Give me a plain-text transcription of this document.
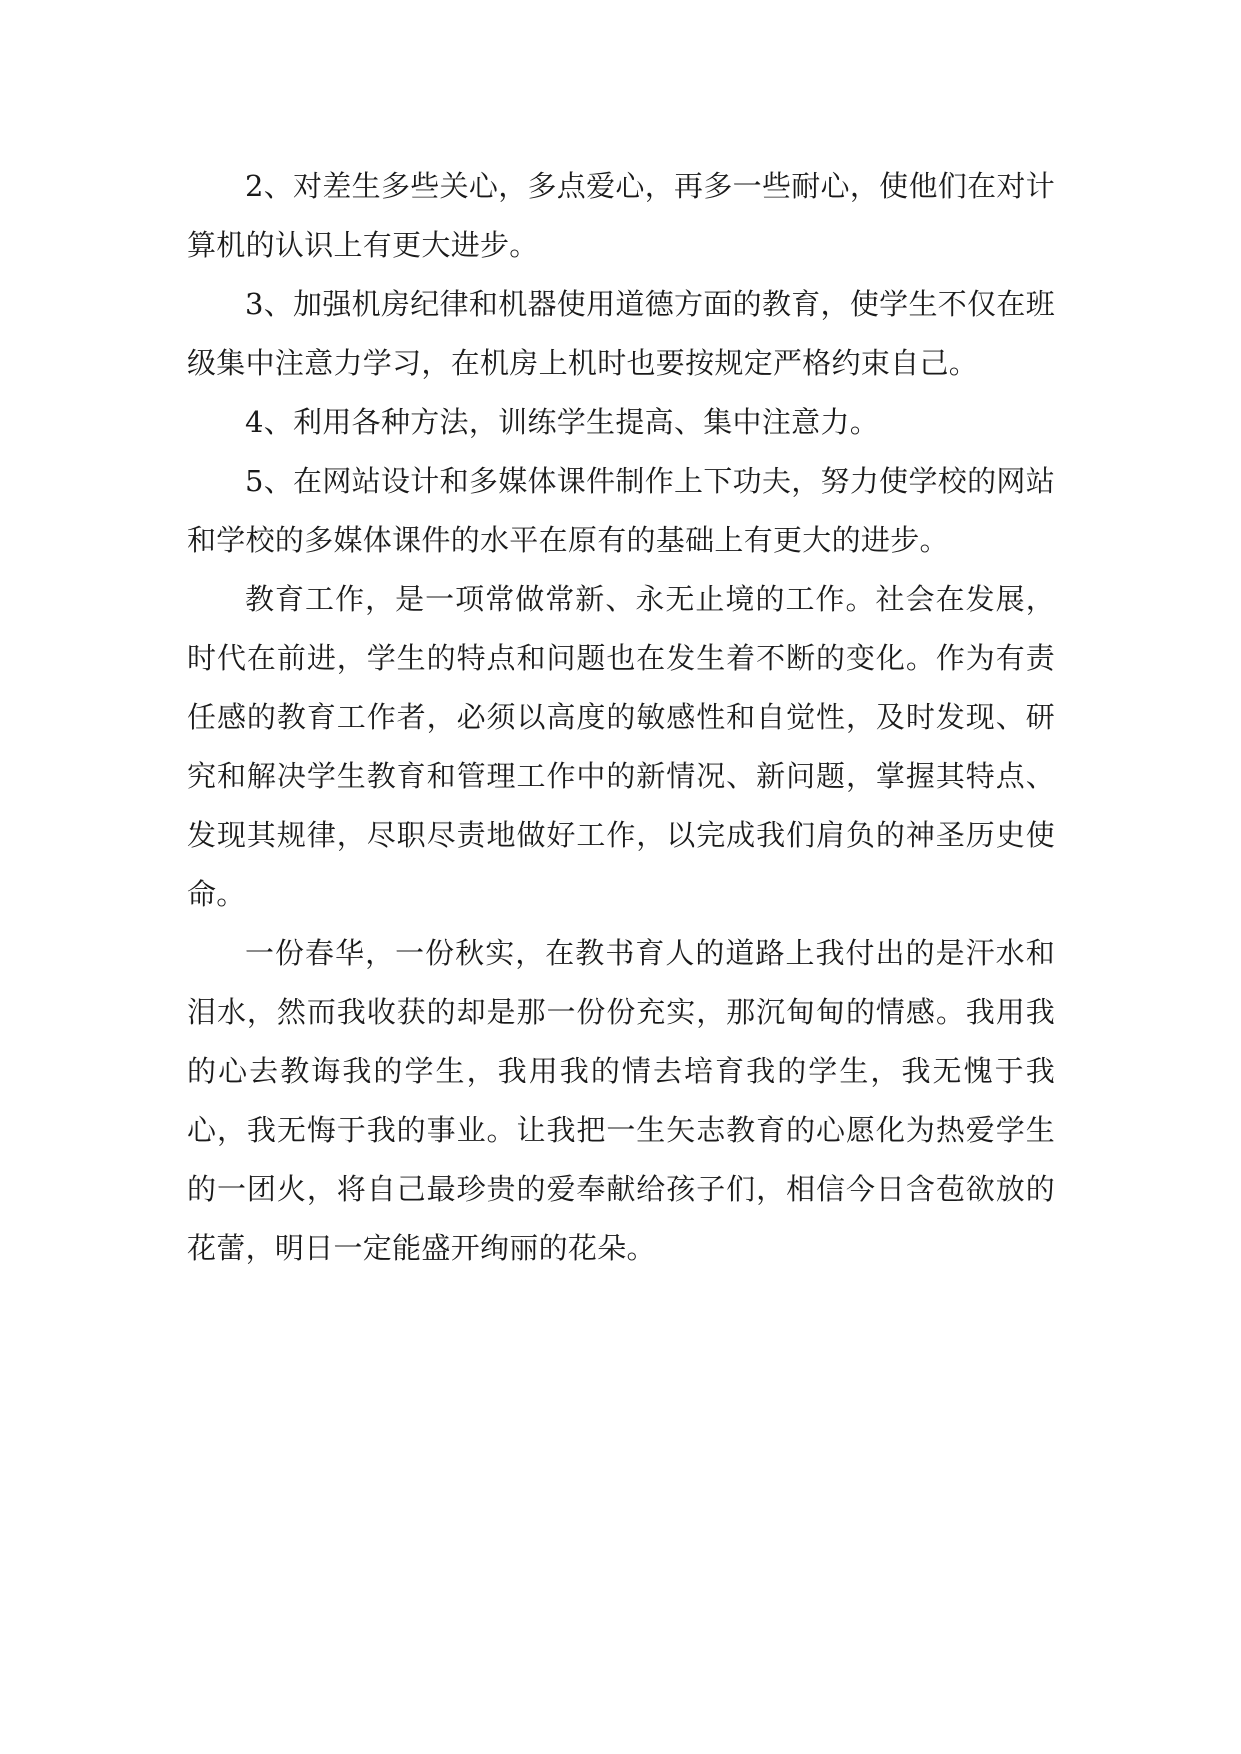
2、对差生多些关心，多点爱心，再多一些耐心，使他们在对计算机的认识上有更大进步。

3、加强机房纪律和机器使用道德方面的教育，使学生不仅在班级集中注意力学习，在机房上机时也要按规定严格约束自己。

4、利用各种方法，训练学生提高、集中注意力。

5、在网站设计和多媒体课件制作上下功夫，努力使学校的网站和学校的多媒体课件的水平在原有的基础上有更大的进步。

教育工作，是一项常做常新、永无止境的工作。社会在发展，时代在前进，学生的特点和问题也在发生着不断的变化。作为有责任感的教育工作者，必须以高度的敏感性和自觉性，及时发现、研究和解决学生教育和管理工作中的新情况、新问题，掌握其特点、发现其规律，尽职尽责地做好工作，以完成我们肩负的神圣历史使命。

一份春华，一份秋实，在教书育人的道路上我付出的是汗水和泪水，然而我收获的却是那一份份充实，那沉甸甸的情感。我用我的心去教诲我的学生，我用我的情去培育我的学生，我无愧于我心，我无悔于我的事业。让我把一生矢志教育的心愿化为热爱学生的一团火，将自己最珍贵的爱奉献给孩子们，相信今日含苞欲放的花蕾，明日一定能盛开绚丽的花朵。
